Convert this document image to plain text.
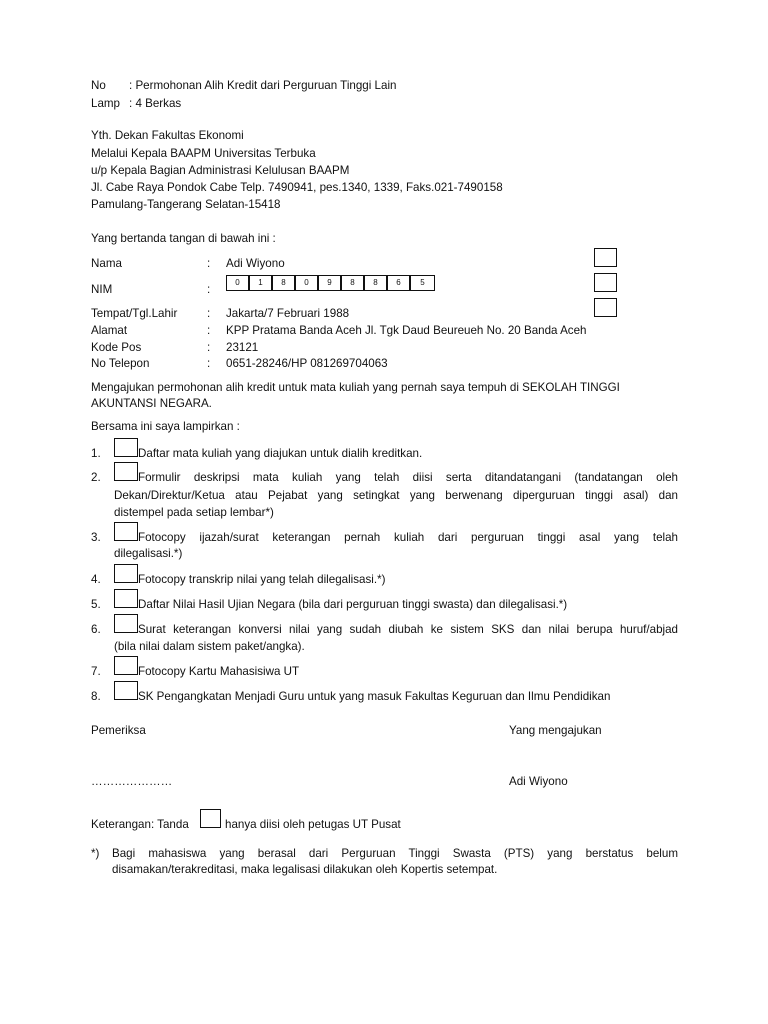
No : Permohonan Alih Kredit dari Perguruan Tinggi Lain
Lamp : 4 Berkas
Yth. Dekan Fakultas Ekonomi
Melalui Kepala BAAPM Universitas Terbuka
u/p Kepala Bagian Administrasi Kelulusan BAAPM
Jl. Cabe Raya Pondok Cabe Telp. 7490941, pes.1340, 1339, Faks.021-7490158
Pamulang-Tangerang Selatan-15418
Yang bertanda tangan di bawah ini :
Nama	: Adi Wiyono
NIM	:
0	1	8	0	9	8	8	6	5
Tempat/Tgl.Lahir	: Jakarta/7 Februari 1988
Alamat	: KPP Pratama Banda Aceh Jl. Tgk Daud Beureueh No. 20 Banda Aceh
Kode Pos	: 23121
No Telepon	: 0651-28246/HP 081269704063
Mengajukan permohonan alih kredit untuk mata kuliah yang pernah saya tempuh di SEKOLAH TINGGI
AKUNTANSI NEGARA.
Bersama ini saya lampirkan :
1.	Daftar mata kuliah yang diajukan untuk dialih kreditkan.
2.	Formulir deskripsi mata kuliah yang telah diisi serta ditandatangani (tandatangan oleh
Dekan/Direktur/Ketua atau Pejabat yang setingkat yang berwenang diperguruan tinggi asal) dan
distempel pada setiap lembar*)
3.	Fotocopy ijazah/surat keterangan pernah kuliah dari perguruan tinggi asal yang telah
dilegalisasi.*)
4.	Fotocopy transkrip nilai yang telah dilegalisasi.*)
5.	Daftar Nilai Hasil Ujian Negara (bila dari perguruan tinggi swasta) dan dilegalisasi.*)
6.	Surat keterangan konversi nilai yang sudah diubah ke sistem SKS dan nilai berupa huruf/abjad
(bila nilai dalam sistem paket/angka).
7.	Fotocopy Kartu Mahasisiwa UT
8.	SK Pengangkatan Menjadi Guru untuk yang masuk Fakultas Keguruan dan Ilmu Pendidikan
Pemeriksa	Yang mengajukan
…………………	Adi Wiyono
Keterangan: Tanda	hanya diisi oleh petugas UT Pusat
*) Bagi mahasiswa yang berasal dari Perguruan Tinggi Swasta (PTS) yang berstatus belum
disamakan/terakreditasi, maka legalisasi dilakukan oleh Kopertis setempat.
